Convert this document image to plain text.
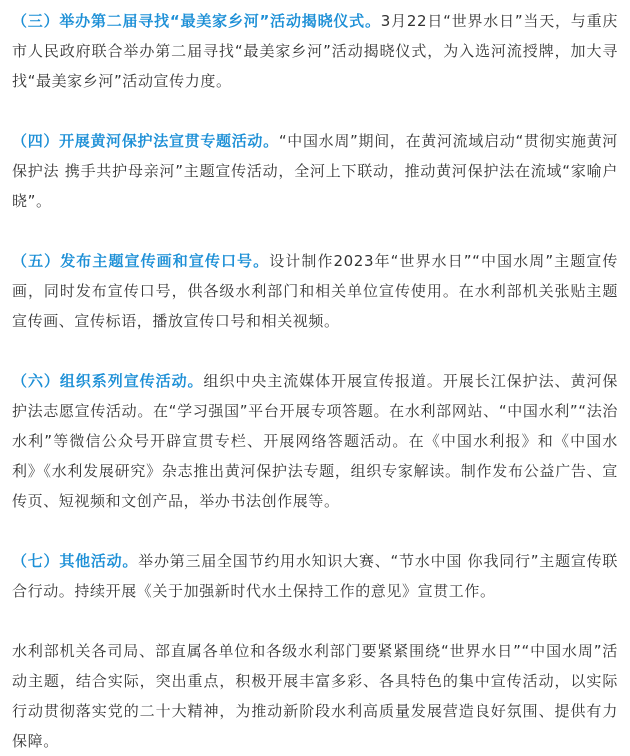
（三）举办第二届寻找“最美家乡河”活动揭晓仪式。3月22日“世界水日”当天，与重庆市人民政府联合举办第二届寻找“最美家乡河”活动揭晓仪式，为入选河流授牌，加大寻找“最美家乡河”活动宣传力度。

（四）开展黄河保护法宣贯专题活动。“中国水周”期间，在黄河流域启动“贯彻实施黄河保护法 携手共护母亲河”主题宣传活动，全河上下联动，推动黄河保护法在流域“家喻户晓”。

（五）发布主题宣传画和宣传口号。设计制作2023年“世界水日”“中国水周”主题宣传画，同时发布宣传口号，供各级水利部门和相关单位宣传使用。在水利部机关张贴主题宣传画、宣传标语，播放宣传口号和相关视频。

（六）组织系列宣传活动。组织中央主流媒体开展宣传报道。开展长江保护法、黄河保护法志愿宣传活动。在“学习强国”平台开展专项答题。在水利部网站、“中国水利”“法治水利”等微信公众号开辟宣贯专栏、开展网络答题活动。在《中国水利报》和《中国水利》《水利发展研究》杂志推出黄河保护法专题，组织专家解读。制作发布公益广告、宣传页、短视频和文创产品，举办书法创作展等。

（七）其他活动。举办第三届全国节约用水知识大赛、“节水中国 你我同行”主题宣传联合行动。持续开展《关于加强新时代水土保持工作的意见》宣贯工作。

水利部机关各司局、部直属各单位和各级水利部门要紧紧围绕“世界水日”“中国水周”活动主题，结合实际，突出重点，积极开展丰富多彩、各具特色的集中宣传活动，以实际行动贯彻落实党的二十大精神，为推动新阶段水利高质量发展营造良好氛围、提供有力保障。
